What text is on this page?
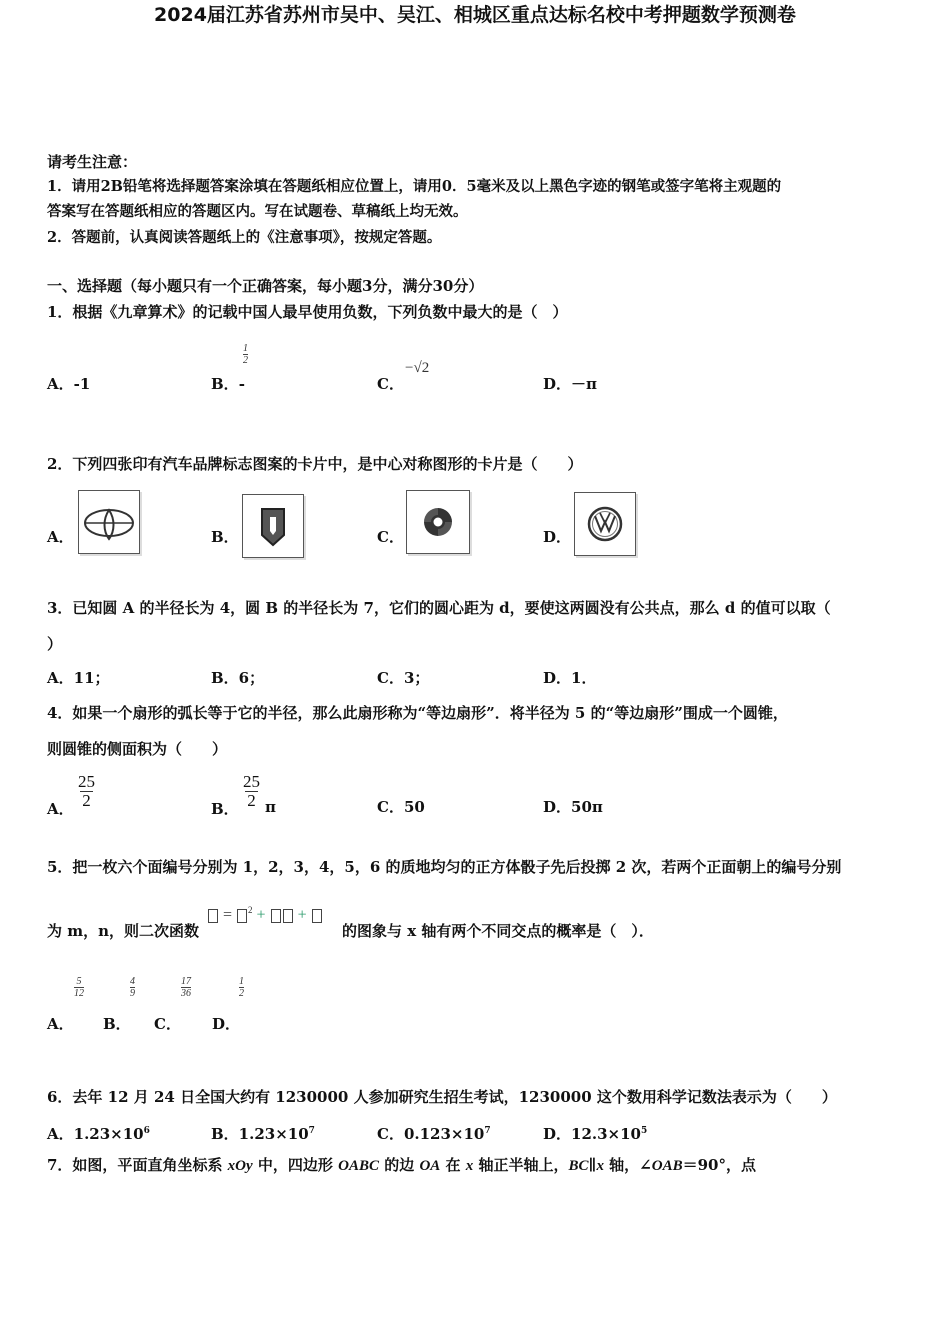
2024届江苏省苏州市吴中、吴江、相城区重点达标名校中考押题数学预测卷
请考生注意：
1．请用2B铅笔将选择题答案涂填在答题纸相应位置上，请用0．5毫米及以上黑色字迹的钢笔或签字笔将主观题的
答案写在答题纸相应的答题区内。写在试题卷、草稿纸上均无效。
2．答题前，认真阅读答题纸上的《注意事项》，按规定答题。
一、选择题（每小题只有一个正确答案，每小题3分，满分30分）
1．根据《九章算术》的记载中国人最早使用负数，下列负数中最大的是（　）
A．-1	B．-
$\frac{1}{2}$
C．
−√2
D．－π
2．下列四张印有汽车品牌标志图案的卡片中，是中心对称图形的卡片是（　　）
A．	B．	C．	D．
3．已知圆 A 的半径长为 4，圆 B 的半径长为 7，它们的圆心距为 d，要使这两圆没有公共点，那么 d 的值可以取（
）
A．11；	B．6；	C．3；	D．1．
4．如果一个扇形的弧长等于它的半径，那么此扇形称为“等边扇形”．将半径为 5 的“等边扇形”围成一个圆锥，
则圆锥的侧面积为（　　）
A． $\frac{25}{2}$	B． $\frac{25}{2}$ π	C．50	D．50π
5．把一枚六个面编号分别为 1，2，3，4，5，6 的质地均匀的正方体骰子先后投掷 2 次，若两个正面朝上的编号分别
为 m，n，则二次函数
= $^2$ + +
的图象与 x 轴有两个不同交点的概率是（　）．
$\frac{5}{12}$	$\frac{4}{9}$	$\frac{17}{36}$	$\frac{1}{2}$
A． B． C． D．
6．去年 12 月 24 日全国大约有 1230000 人参加研究生招生考试，1230000 这个数用科学记数法表示为（　　）
A．$1.23\times 10^6$	B．$1.23\times 10^7$	C．$0.123\times 10^7$	D．$12.3\times 10^5$
7．如图，平面直角坐标系 xOy 中，四边形 OABC 的边 OA 在 x 轴正半轴上，BC∥x 轴，∠OAB＝90°，点
